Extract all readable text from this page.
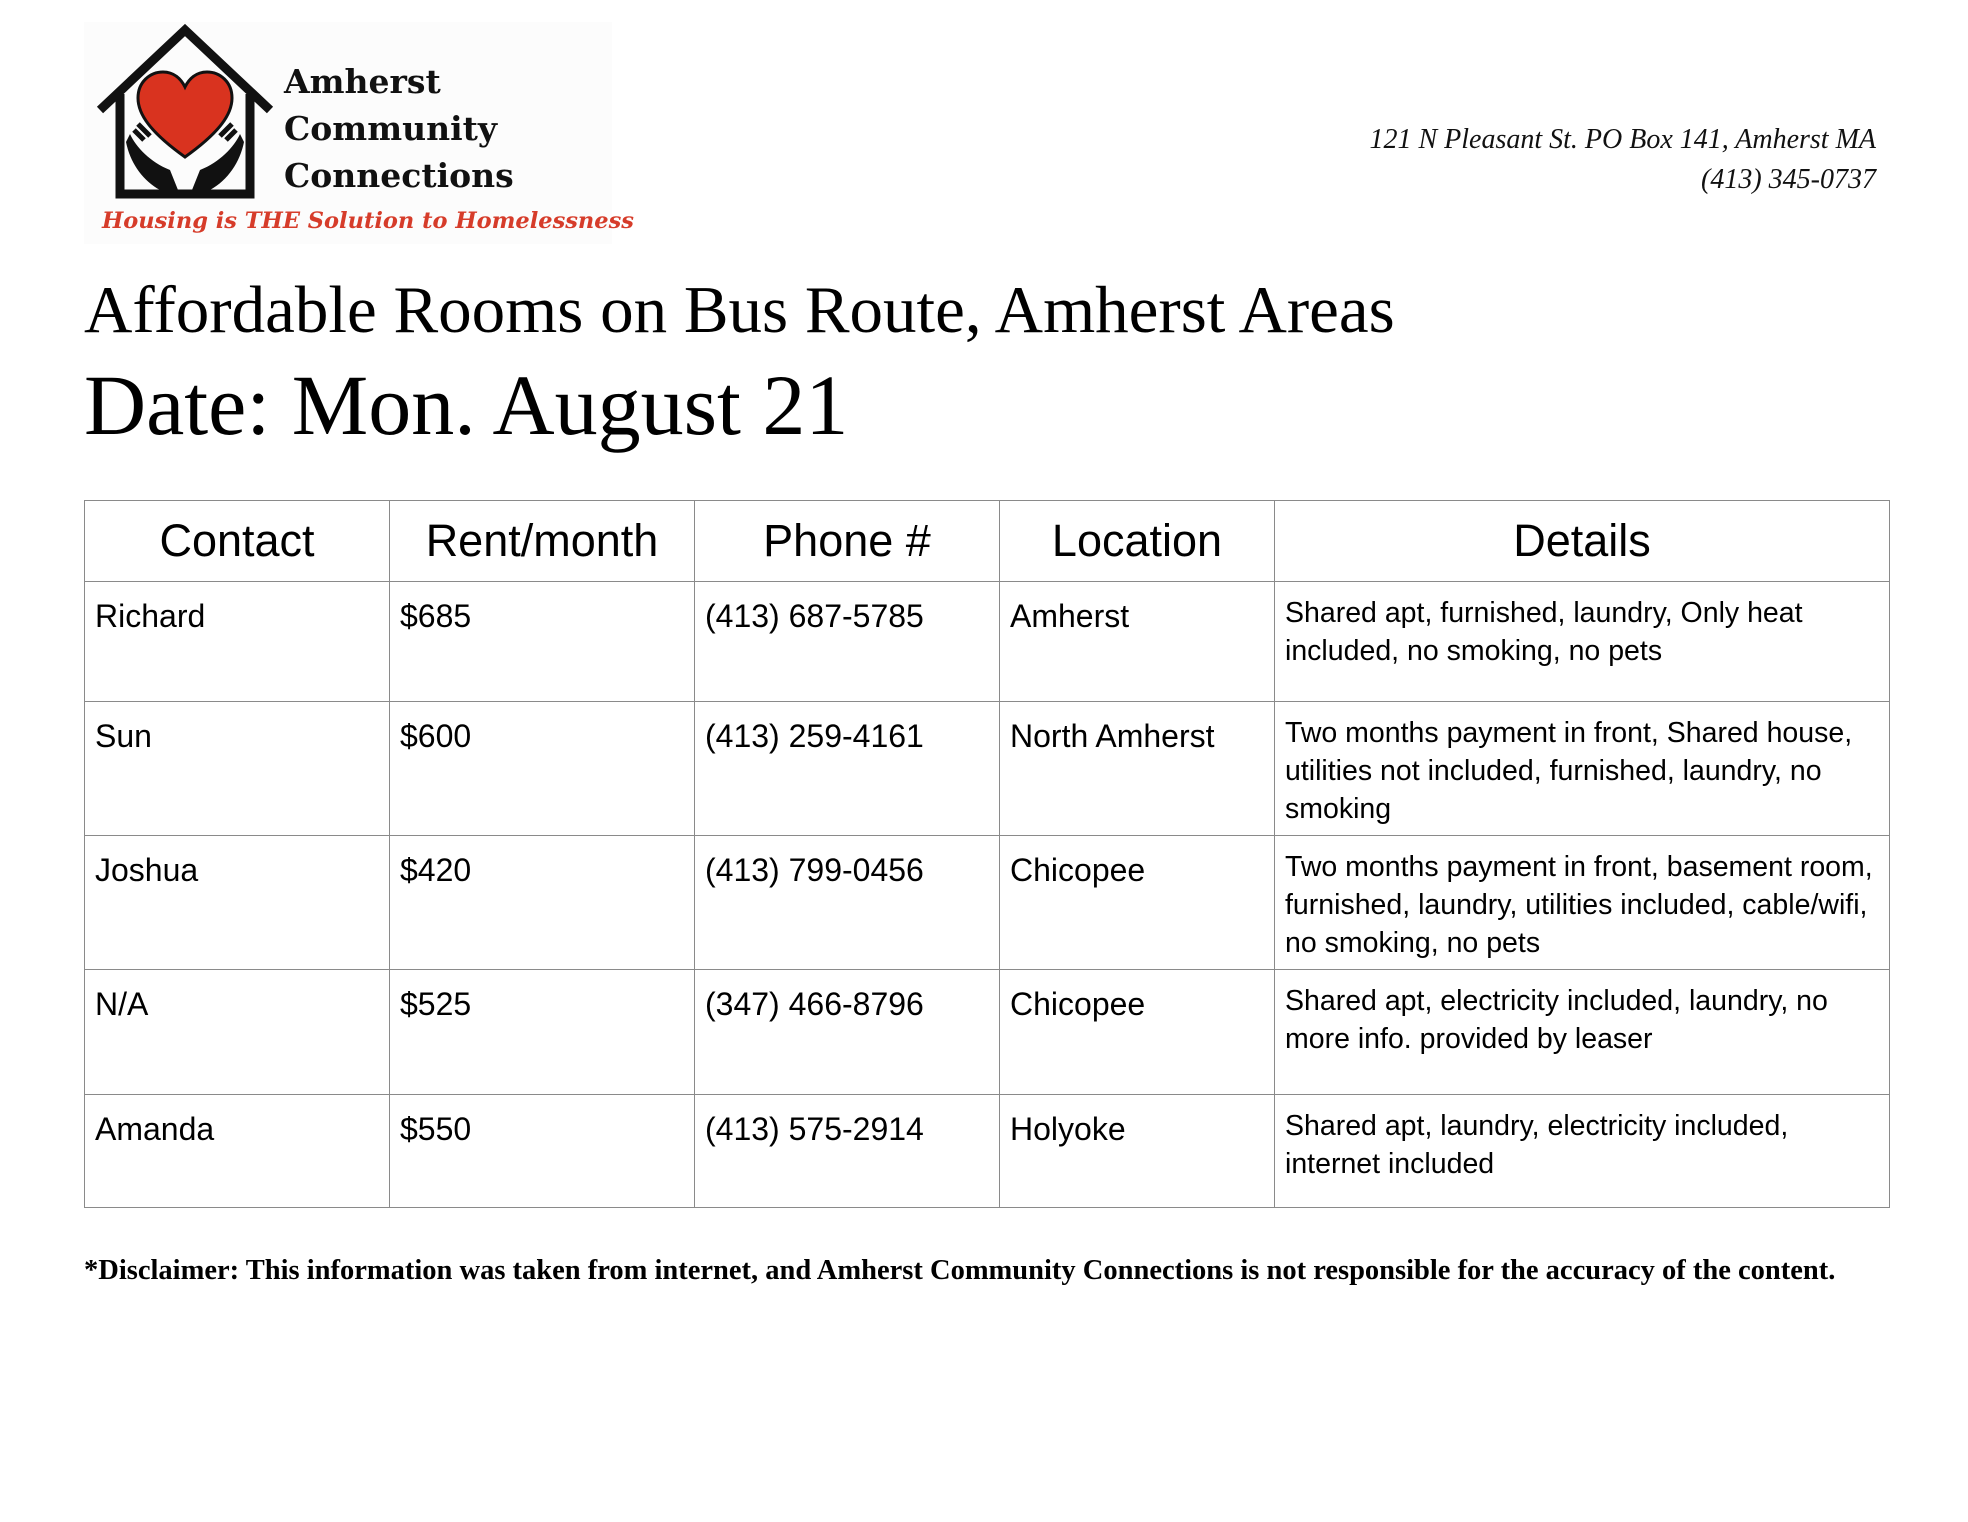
Amherst
Community
Connections
Housing is THE Solution to Homelessness
121 N Pleasant St. PO Box 141, Amherst MA
(413) 345-0737
Affordable Rooms on Bus Route, Amherst Areas
Date: Mon. August 21
Contact	Rent/month	Phone #	Location	Details
Richard	$685	(413) 687-5785	Amherst	Shared apt, furnished, laundry, Only heat included, no smoking, no pets
Sun	$600	(413) 259-4161	North Amherst	Two months payment in front, Shared house, utilities not included, furnished, laundry, no smoking
Joshua	$420	(413) 799-0456	Chicopee	Two months payment in front, basement room, furnished, laundry, utilities included, cable/wifi, no smoking, no pets
N/A	$525	(347) 466-8796	Chicopee	Shared apt, electricity included, laundry, no more info. provided by leaser
Amanda	$550	(413) 575-2914	Holyoke	Shared apt, laundry, electricity included, internet included
*Disclaimer: This information was taken from internet, and Amherst Community Connections is not responsible for the accuracy of the content.
